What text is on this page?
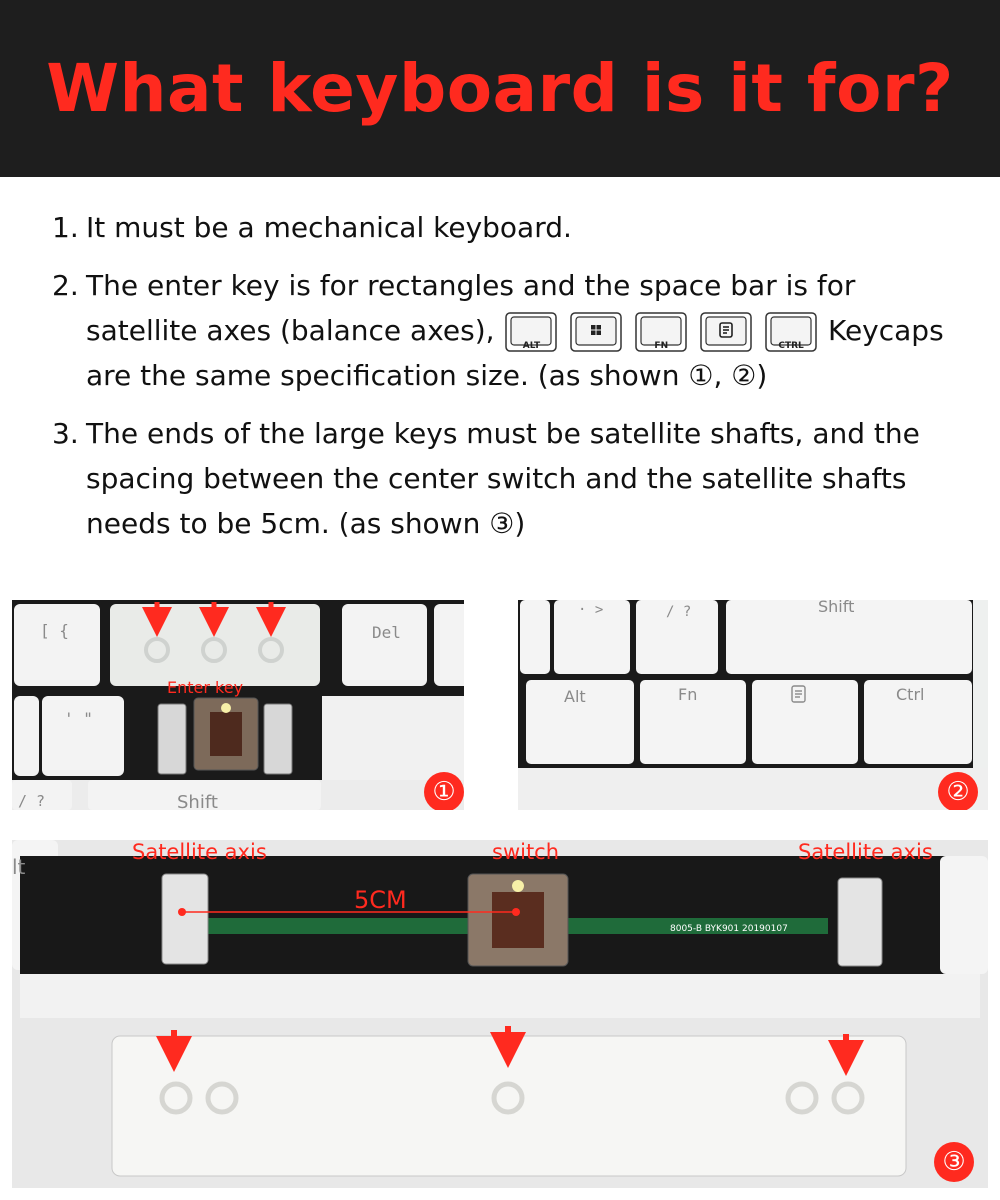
What keyboard is it for?
1. It must be a mechanical keyboard.
2. The enter key is for rectangles and the space bar is for satellite axes (balance axes),	ALT

	FN

	CTRL Keycaps are the same specification size. (as shown ①, ②)
3. The ends of the large keys must be satellite shafts, and the spacing between the center switch and the satellite shafts needs to be 5cm. (as shown ③)
[ {	Del
' "
/ ?	Shift
Enter key
①
· >	/ ?	Shift
Alt	Fn	Ctrl
②
5CM
8005-B BYK901 20190107
lt
Satellite axis	switch	Satellite axis
③
